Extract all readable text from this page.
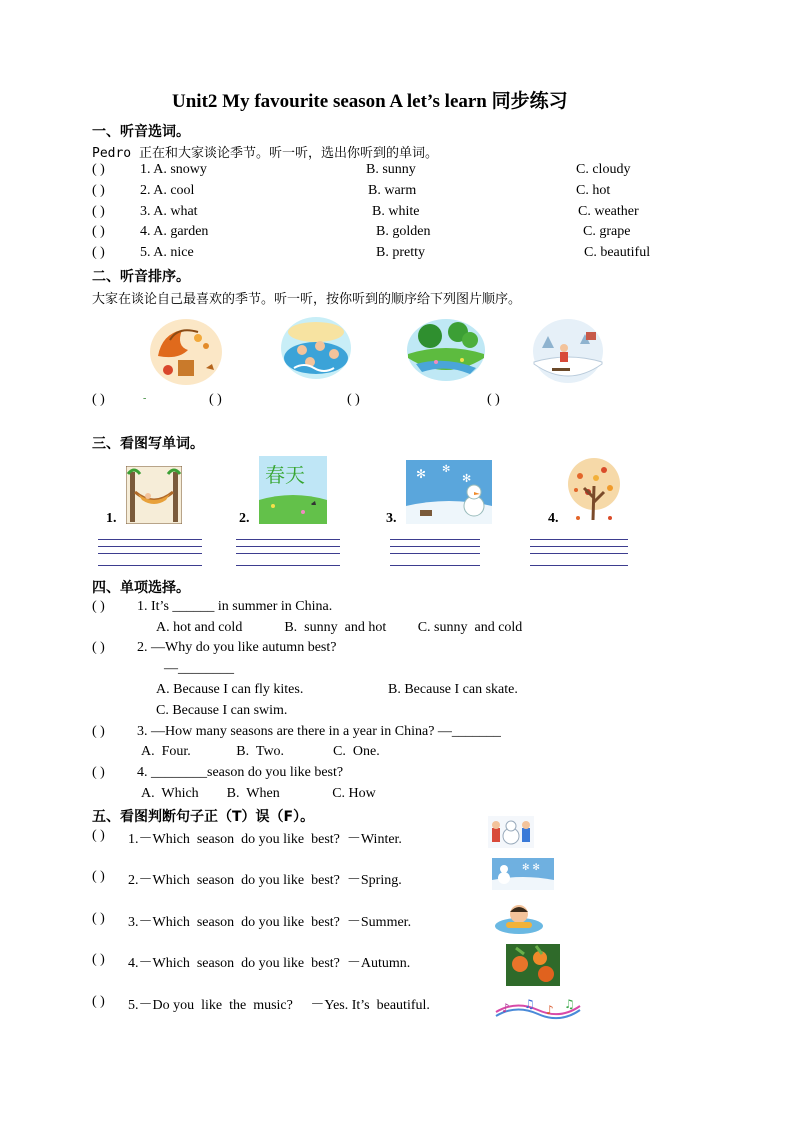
Unit2 My favourite season A let’s learn 同步练习
一、听音选词。
Pedro 正在和大家谈论季节。听一听，选出你听到的单词。
( )	1. A. snowy	B. sunny	C. cloudy
( )	2. A. cool	B. warm	C. hot
( )	3. A. what	B. white	C. weather
( )	4. A. garden	B. golden	C. grape
( )	5. A. nice	B. pretty	C. beautiful
二、听音排序。
大家在谈论自己最喜欢的季节。听一听，按你听到的顺序给下列图片顺序。
( )	-	( )	( )	( )
三、看图写单词。
1.
春天
2.
✻ ✻
✻
3.	4.
四、单项选择。
( ) 1. It’s ______ in summer in China.
A. hot and cold            B.  sunny  and hot         C. sunny  and cold
( ) 2. —Why do you like autumn best?
—________
A. Because I can fly kites.	B. Because I can skate.
C. Because I can swim.
( ) 3. —How many seasons are there in a year in China? —_______
A.  Four.             B.  Two.              C.  One.
( ) 4. ________season do you like best?
A.  Which        B.  When               C. How
五、看图判断句子正（T）误（F）。
( ) 1.－Which  season  do you like  best?  －Winter.
( ) 2.－Which  season  do you like  best?  －Spring.
✻ ✻
( ) 3.－Which  season  do you like  best?  －Summer.
( ) 4.－Which  season  do you like  best?  －Autumn.
( ) 5.－Do you  like  the  music?     －Yes. It’s  beautiful.	♪ ♫ ♪ ♫
